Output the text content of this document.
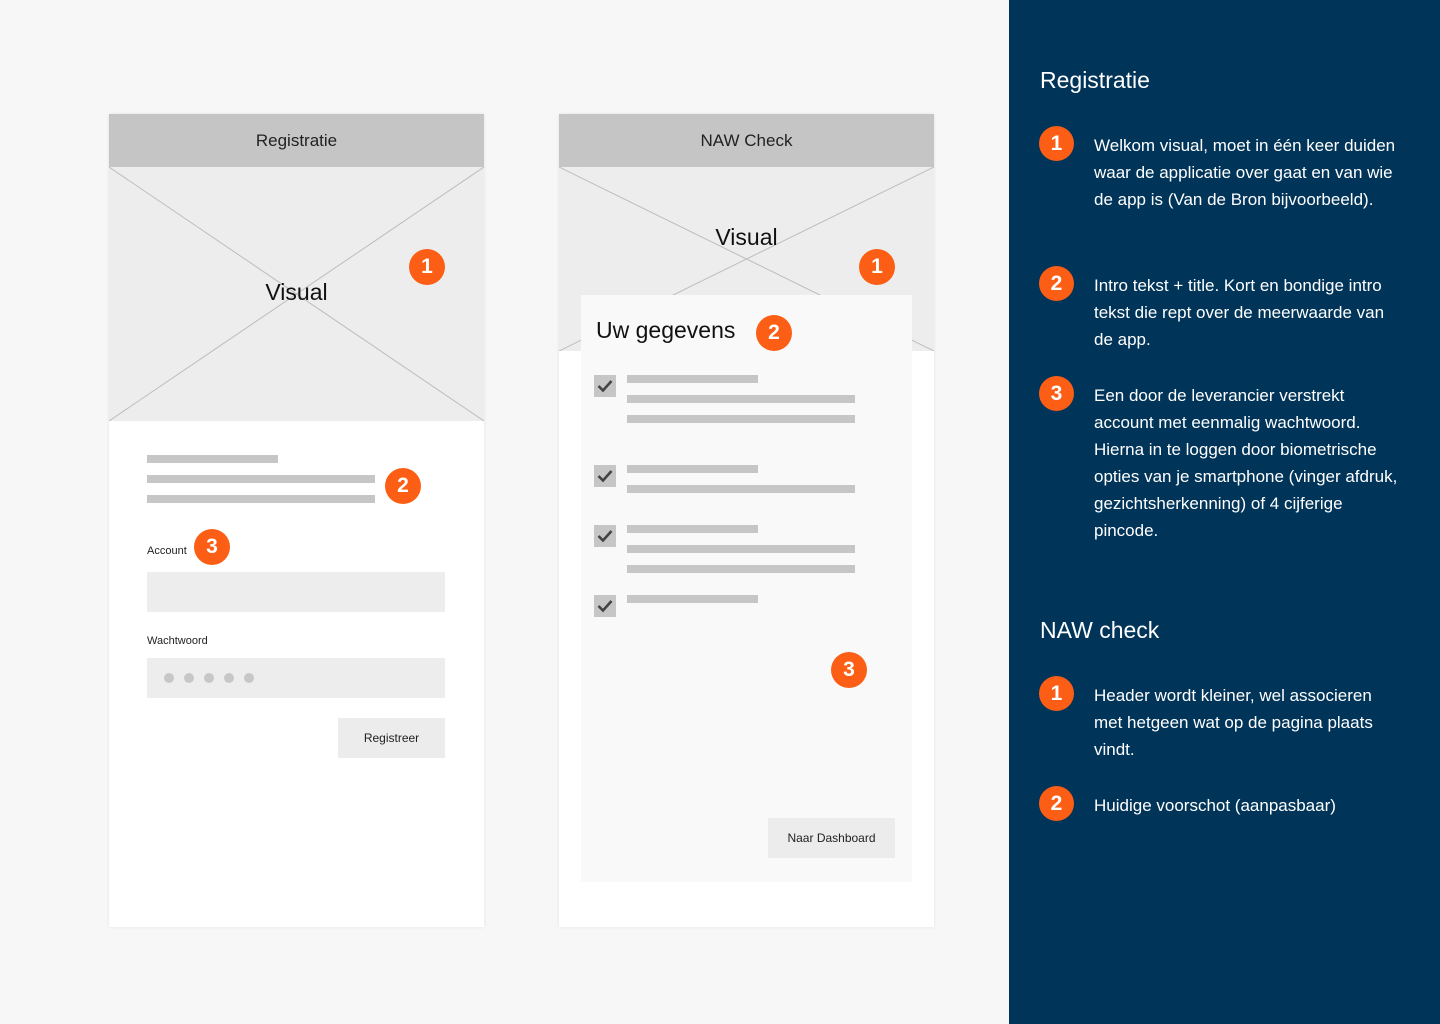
Registratie
Visual
1
2
Account 3
Wachtwoord
Registreer
NAW Check
Visual
1
Uw gegevens	2
3
Naar Dashboard
Registratie
1	Welkom visual, moet in één keer duiden waar de applicatie over gaat en van wie de app is (Van de Bron bijvoorbeeld).
2	Intro tekst + title. Kort en bondige intro tekst die rept over de meerwaarde van de app.
3	Een door de leverancier verstrekt account met eenmalig wachtwoord. Hierna in te loggen door biometrische opties van je smartphone (vinger afdruk, gezichtsherkenning) of 4 cijferige pincode.
NAW check
1	Header wordt kleiner, wel associeren met hetgeen wat op de pagina plaats vindt.
2	Huidige voorschot (aanpasbaar)
